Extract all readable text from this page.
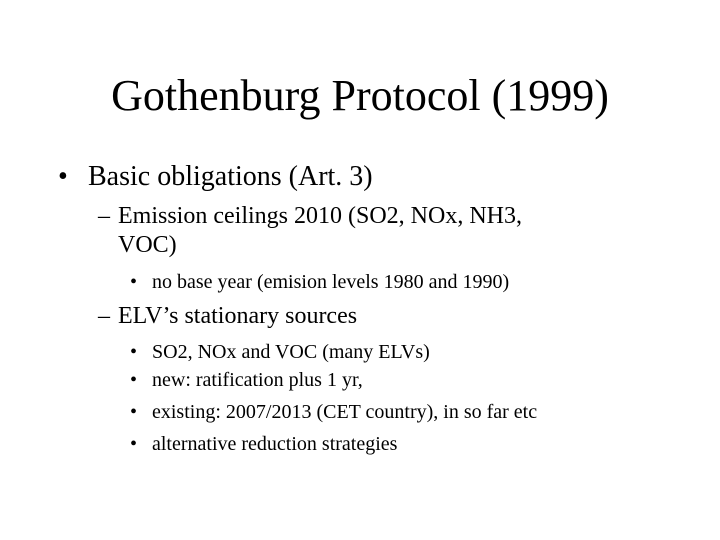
Gothenburg Protocol (1999)
• Basic obligations (Art. 3)
– Emission ceilings 2010 (SO2, NOx, NH3,
VOC)
• no base year (emision levels 1980 and 1990)
– ELV’s stationary sources
• SO2, NOx and VOC (many ELVs)
• new: ratification plus 1 yr,
• existing: 2007/2013 (CET country), in so far etc
• alternative reduction strategies
